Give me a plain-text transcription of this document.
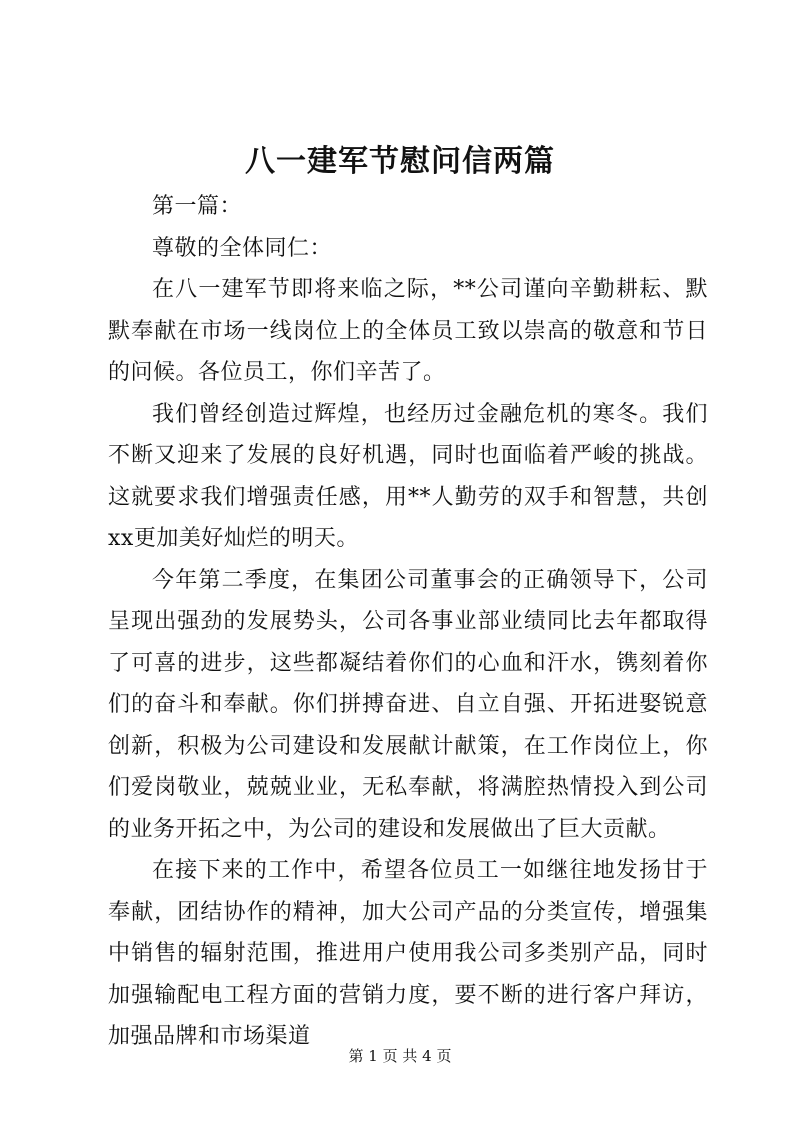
八一建军节慰问信两篇

第一篇：

尊敬的全体同仁：

在八一建军节即将来临之际，**公司谨向辛勤耕耘、默默奉献在市场一线岗位上的全体员工致以崇高的敬意和节日的问候。各位员工，你们辛苦了。

我们曾经创造过辉煌，也经历过金融危机的寒冬。我们不断又迎来了发展的良好机遇，同时也面临着严峻的挑战。这就要求我们增强责任感，用**人勤劳的双手和智慧，共创xx更加美好灿烂的明天。

今年第二季度，在集团公司董事会的正确领导下，公司呈现出强劲的发展势头，公司各事业部业绩同比去年都取得了可喜的进步，这些都凝结着你们的心血和汗水，镌刻着你们的奋斗和奉献。你们拼搏奋进、自立自强、开拓进娶锐意创新，积极为公司建设和发展献计献策，在工作岗位上，你们爱岗敬业，兢兢业业，无私奉献，将满腔热情投入到公司的业务开拓之中，为公司的建设和发展做出了巨大贡献。

在接下来的工作中，希望各位员工一如继往地发扬甘于奉献，团结协作的精神，加大公司产品的分类宣传，增强集中销售的辐射范围，推进用户使用我公司多类别产品，同时加强输配电工程方面的营销力度，要不断的进行客户拜访，加强品牌和市场渠道

第 1 页 共 4 页
